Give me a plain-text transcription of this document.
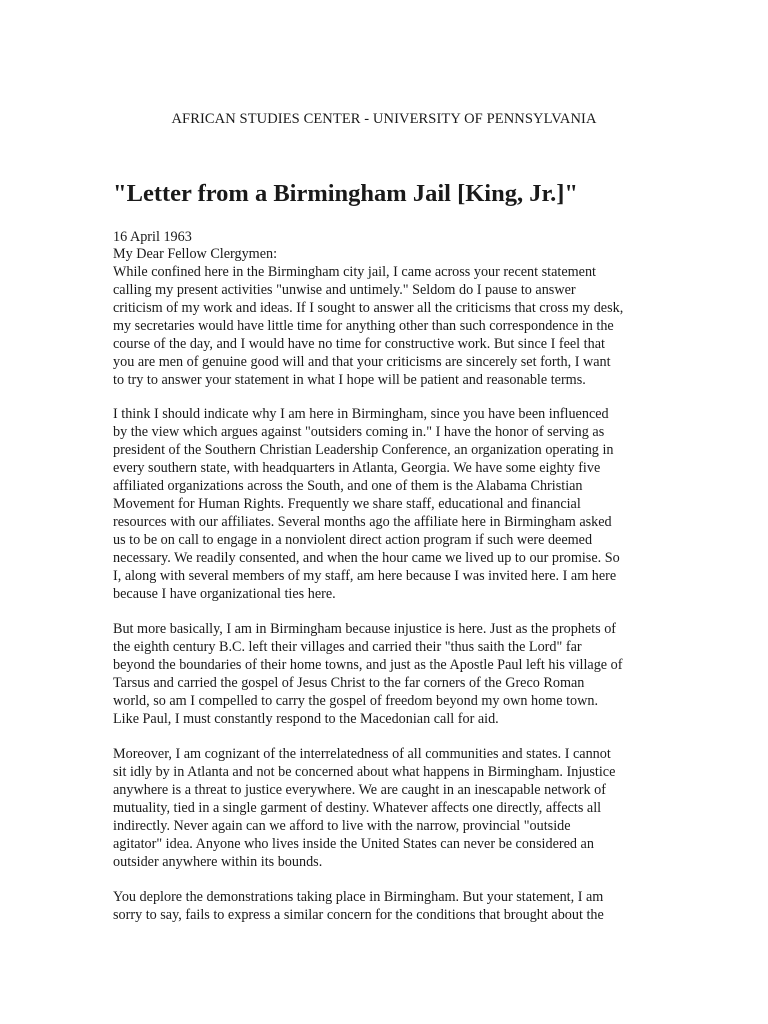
AFRICAN STUDIES CENTER - UNIVERSITY OF PENNSYLVANIA
"Letter from a Birmingham Jail [King, Jr.]"
16 April 1963
My Dear Fellow Clergymen:
While confined here in the Birmingham city jail, I came across your recent statement
calling my present activities "unwise and untimely." Seldom do I pause to answer
criticism of my work and ideas. If I sought to answer all the criticisms that cross my desk,
my secretaries would have little time for anything other than such correspondence in the
course of the day, and I would have no time for constructive work. But since I feel that
you are men of genuine good will and that your criticisms are sincerely set forth, I want
to try to answer your statement in what I hope will be patient and reasonable terms.
I think I should indicate why I am here in Birmingham, since you have been influenced
by the view which argues against "outsiders coming in." I have the honor of serving as
president of the Southern Christian Leadership Conference, an organization operating in
every southern state, with headquarters in Atlanta, Georgia. We have some eighty five
affiliated organizations across the South, and one of them is the Alabama Christian
Movement for Human Rights. Frequently we share staff, educational and financial
resources with our affiliates. Several months ago the affiliate here in Birmingham asked
us to be on call to engage in a nonviolent direct action program if such were deemed
necessary. We readily consented, and when the hour came we lived up to our promise. So
I, along with several members of my staff, am here because I was invited here. I am here
because I have organizational ties here.
But more basically, I am in Birmingham because injustice is here. Just as the prophets of
the eighth century B.C. left their villages and carried their "thus saith the Lord" far
beyond the boundaries of their home towns, and just as the Apostle Paul left his village of
Tarsus and carried the gospel of Jesus Christ to the far corners of the Greco Roman
world, so am I compelled to carry the gospel of freedom beyond my own home town.
Like Paul, I must constantly respond to the Macedonian call for aid.
Moreover, I am cognizant of the interrelatedness of all communities and states. I cannot
sit idly by in Atlanta and not be concerned about what happens in Birmingham. Injustice
anywhere is a threat to justice everywhere. We are caught in an inescapable network of
mutuality, tied in a single garment of destiny. Whatever affects one directly, affects all
indirectly. Never again can we afford to live with the narrow, provincial "outside
agitator" idea. Anyone who lives inside the United States can never be considered an
outsider anywhere within its bounds.
You deplore the demonstrations taking place in Birmingham. But your statement, I am
sorry to say, fails to express a similar concern for the conditions that brought about the
